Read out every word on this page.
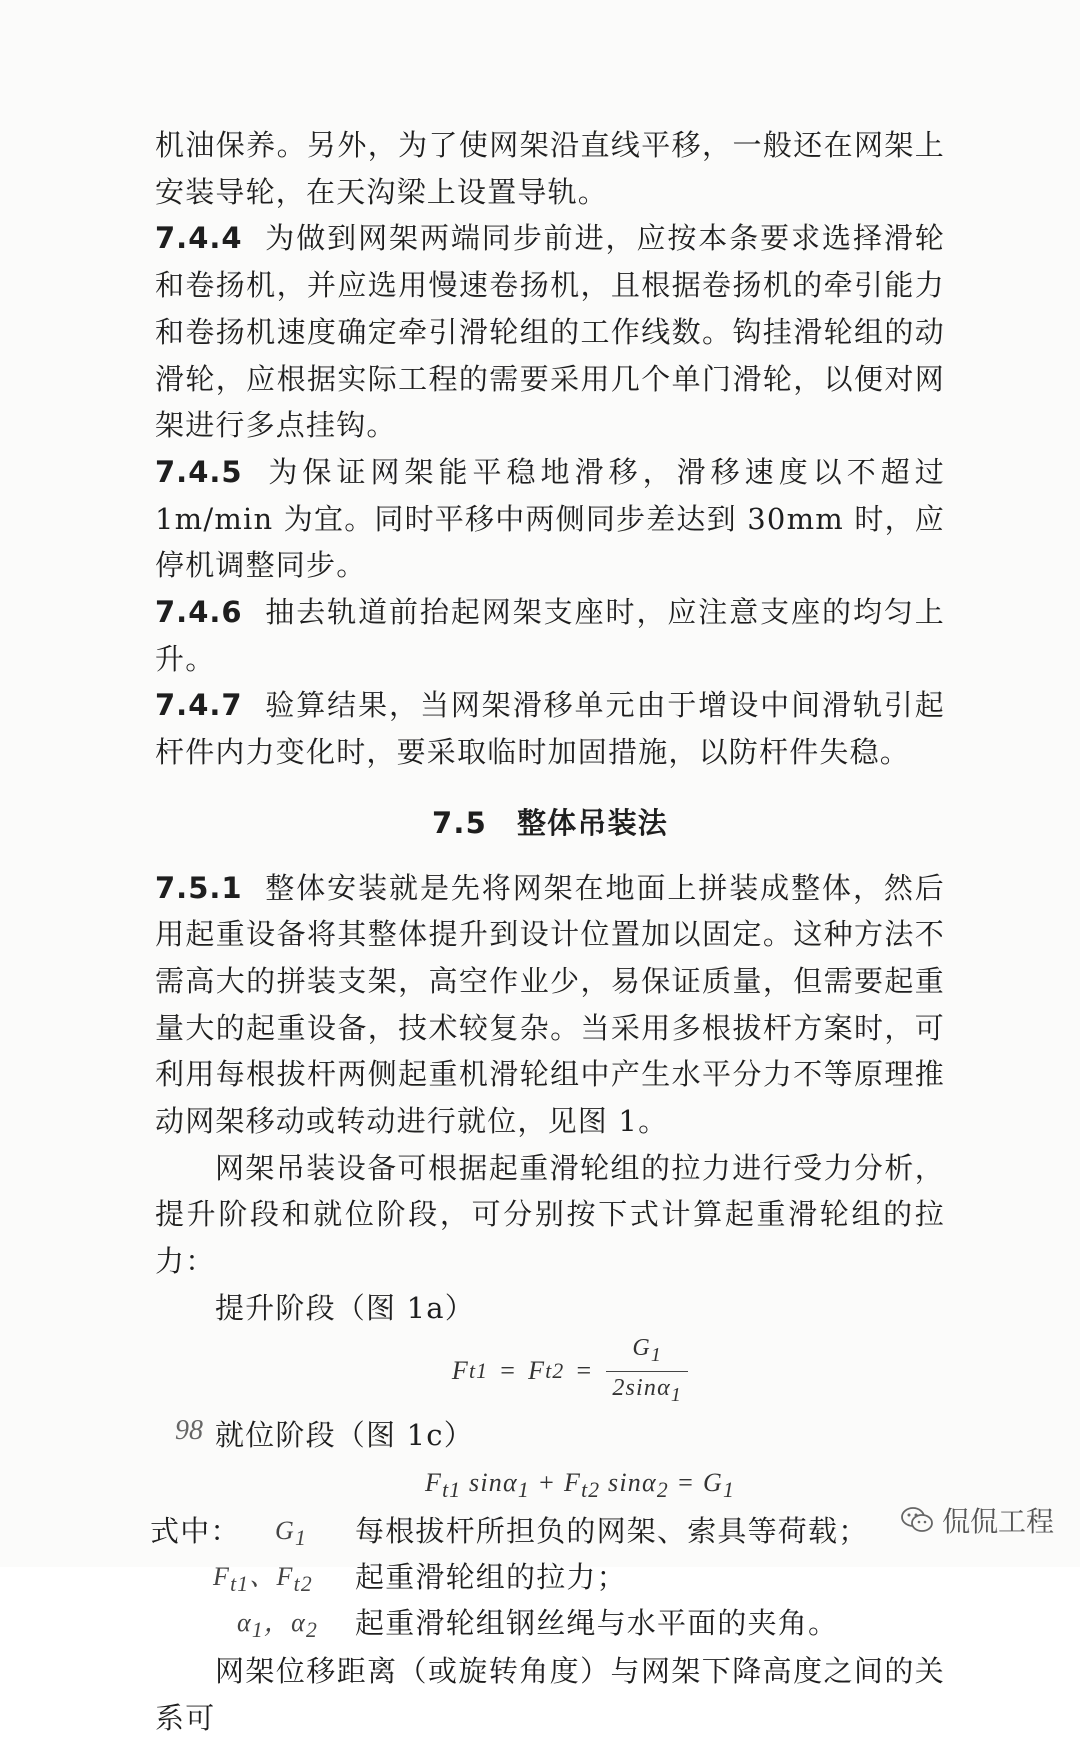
机油保养。另外，为了使网架沿直线平移，一般还在网架上安装导轮，在天沟梁上设置导轨。

7.4.4 为做到网架两端同步前进，应按本条要求选择滑轮和卷扬机，并应选用慢速卷扬机，且根据卷扬机的牵引能力和卷扬机速度确定牵引滑轮组的工作线数。钩挂滑轮组的动滑轮，应根据实际工程的需要采用几个单门滑轮，以便对网架进行多点挂钩。

7.4.5 为保证网架能平稳地滑移，滑移速度以不超过 1m/min 为宜。同时平移中两侧同步差达到 30mm 时，应停机调整同步。

7.4.6 抽去轨道前抬起网架支座时，应注意支座的均匀上升。

7.4.7 验算结果，当网架滑移单元由于增设中间滑轨引起杆件内力变化时，要采取临时加固措施，以防杆件失稳。

7.5 整体吊装法

7.5.1 整体安装就是先将网架在地面上拼装成整体，然后用起重设备将其整体提升到设计位置加以固定。这种方法不需高大的拼装支架，高空作业少，易保证质量，但需要起重量大的起重设备，技术较复杂。当采用多根拔杆方案时，可利用每根拔杆两侧起重机滑轮组中产生水平分力不等原理推动网架移动或转动进行就位，见图 1。

网架吊装设备可根据起重滑轮组的拉力进行受力分析，提升阶段和就位阶段，可分别按下式计算起重滑轮组的拉力：

提升阶段（图 1a）

F t1 = F $t2 = \frac{G_1}{2\sin\alpha_1}$

就位阶段（图 1c）

$F_{t1}$ $\sin\alpha_1 + F_{t2}$ $\sin\alpha_2 = G_1$
式中： $G_1$ 每根拔杆所担负的网架、索具等荷载；
$F_{t1}$、$F_{t2}$ 起重滑轮组的拉力；
$\alpha_1$，$\alpha_2$ 起重滑轮组钢丝绳与水平面的夹角。

网架位移距离（或旋转角度）与网架下降高度之间的关系可

98
侃侃工程
